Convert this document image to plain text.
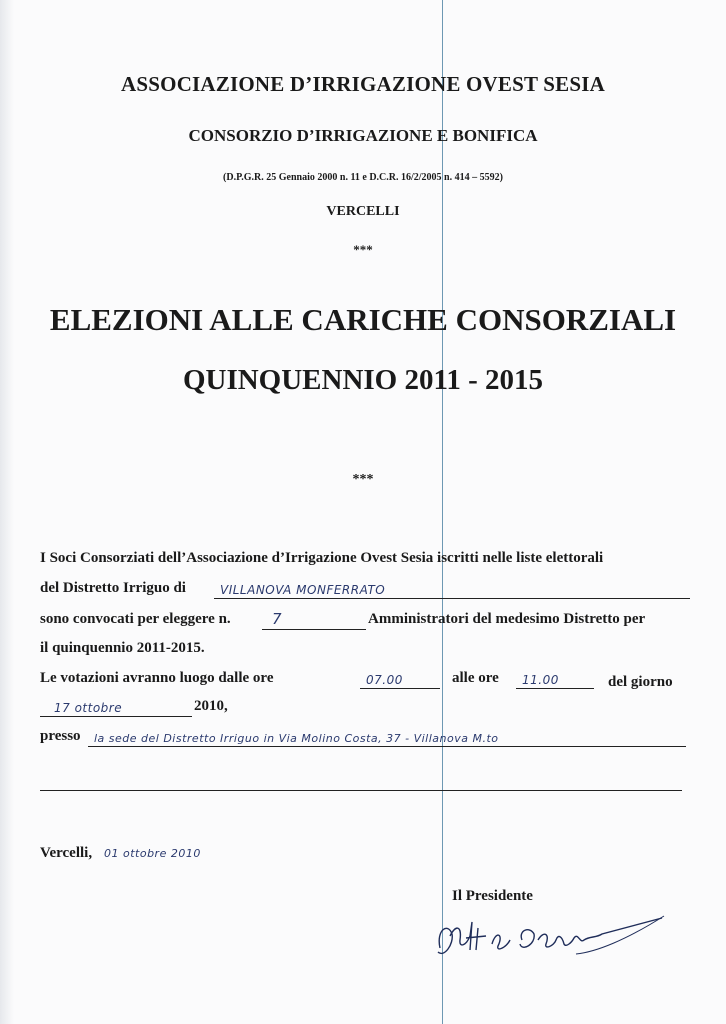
ASSOCIAZIONE D’IRRIGAZIONE OVEST SESIA
CONSORZIO D’IRRIGAZIONE E BONIFICA
(D.P.G.R. 25 Gennaio 2000 n. 11 e D.C.R. 16/2/2005 n. 414 – 5592)
VERCELLI
***
ELEZIONI ALLE CARICHE CONSORZIALI
QUINQUENNIO 2011 - 2015
***
I Soci Consorziati dell’Associazione d’Irrigazione Ovest Sesia iscritti nelle liste elettorali
del Distretto Irriguo di	VILLANOVA MONFERRATO
sono convocati per eleggere n.	7	Amministratori del medesimo Distretto per
il quinquennio 2011-2015.
Le votazioni avranno luogo dalle ore	07.00	alle ore 11.00	del giorno
17 ottobre	2010,
presso la sede del Distretto Irriguo in Via Molino Costa, 37 - Villanova M.to
Vercelli, 01 ottobre 2010
Il Presidente
